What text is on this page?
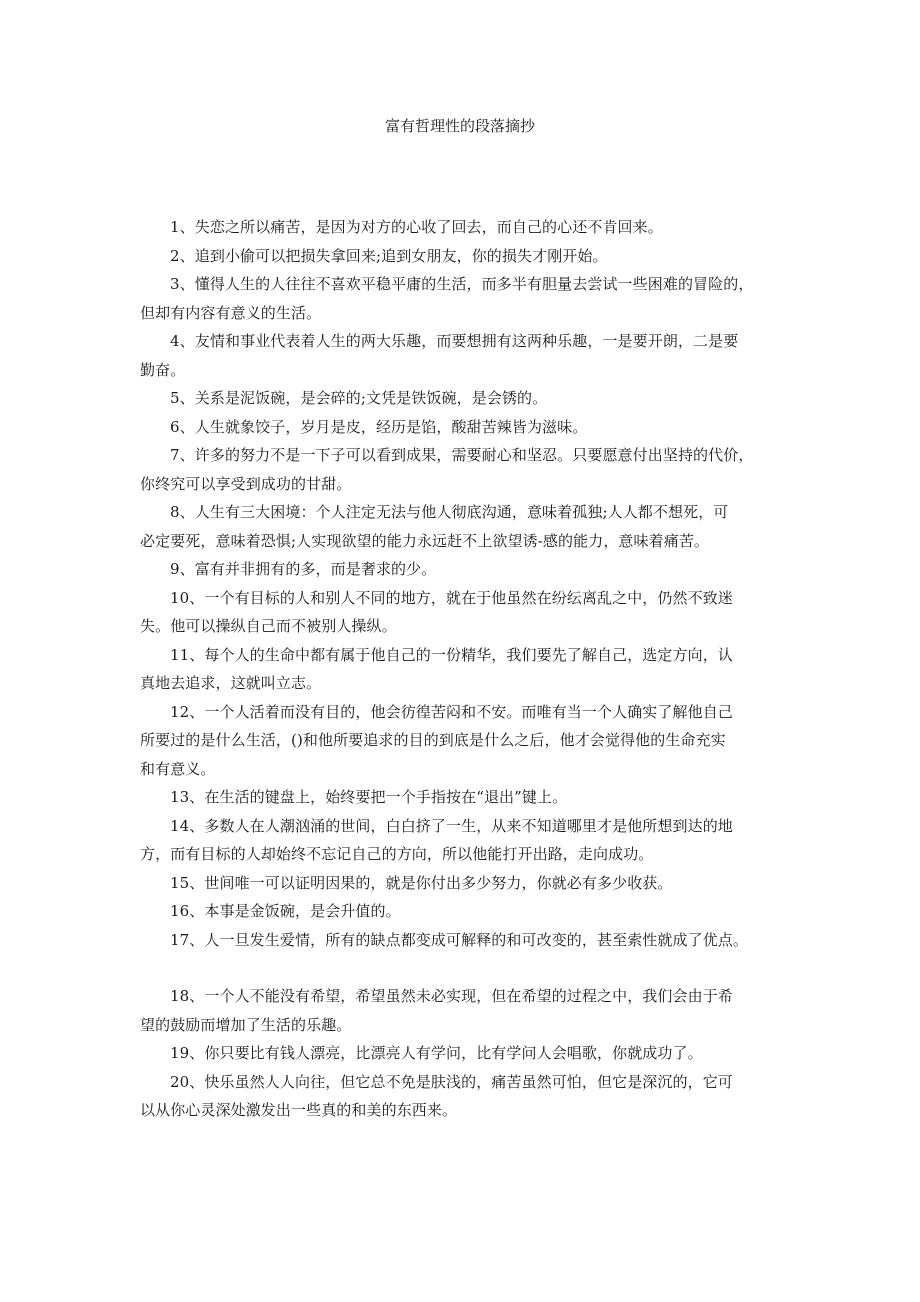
富有哲理性的段落摘抄

1、失恋之所以痛苦，是因为对方的心收了回去，而自己的心还不肯回来。

2、追到小偷可以把损失拿回来;追到女朋友，你的损失才刚开始。

3、懂得人生的人往往不喜欢平稳平庸的生活，而多半有胆量去尝试一些困难的冒险的，
但却有内容有意义的生活。

4、友情和事业代表着人生的两大乐趣，而要想拥有这两种乐趣，一是要开朗，二是要
勤奋。

5、关系是泥饭碗，是会碎的;文凭是铁饭碗，是会锈的。

6、人生就象饺子，岁月是皮，经历是馅，酸甜苦辣皆为滋味。

7、许多的努力不是一下子可以看到成果，需要耐心和坚忍。只要愿意付出坚持的代价，
你终究可以享受到成功的甘甜。

8、人生有三大困境：个人注定无法与他人彻底沟通，意味着孤独;人人都不想死，可
必定要死，意味着恐惧;人实现欲望的能力永远赶不上欲望诱-感的能力，意味着痛苦。

9、富有并非拥有的多，而是奢求的少。

10、一个有目标的人和别人不同的地方，就在于他虽然在纷纭离乱之中，仍然不致迷
失。他可以操纵自己而不被别人操纵。

11、每个人的生命中都有属于他自己的一份精华，我们要先了解自己，选定方向，认
真地去追求，这就叫立志。

12、一个人活着而没有目的，他会彷徨苦闷和不安。而唯有当一个人确实了解他自己
所要过的是什么生活，()和他所要追求的目的到底是什么之后，他才会觉得他的生命充实
和有意义。

13、在生活的键盘上，始终要把一个手指按在“退出”键上。

14、多数人在人潮汹涌的世间，白白挤了一生，从来不知道哪里才是他所想到达的地
方，而有目标的人却始终不忘记自己的方向，所以他能打开出路，走向成功。

15、世间唯一可以证明因果的，就是你付出多少努力，你就必有多少收获。

16、本事是金饭碗，是会升值的。

17、人一旦发生爱情，所有的缺点都变成可解释的和可改变的，甚至索性就成了优点。

18、一个人不能没有希望，希望虽然未必实现，但在希望的过程之中，我们会由于希
望的鼓励而增加了生活的乐趣。

19、你只要比有钱人漂亮，比漂亮人有学问，比有学问人会唱歌，你就成功了。

20、快乐虽然人人向往，但它总不免是肤浅的，痛苦虽然可怕，但它是深沉的，它可
以从你心灵深处激发出一些真的和美的东西来。
